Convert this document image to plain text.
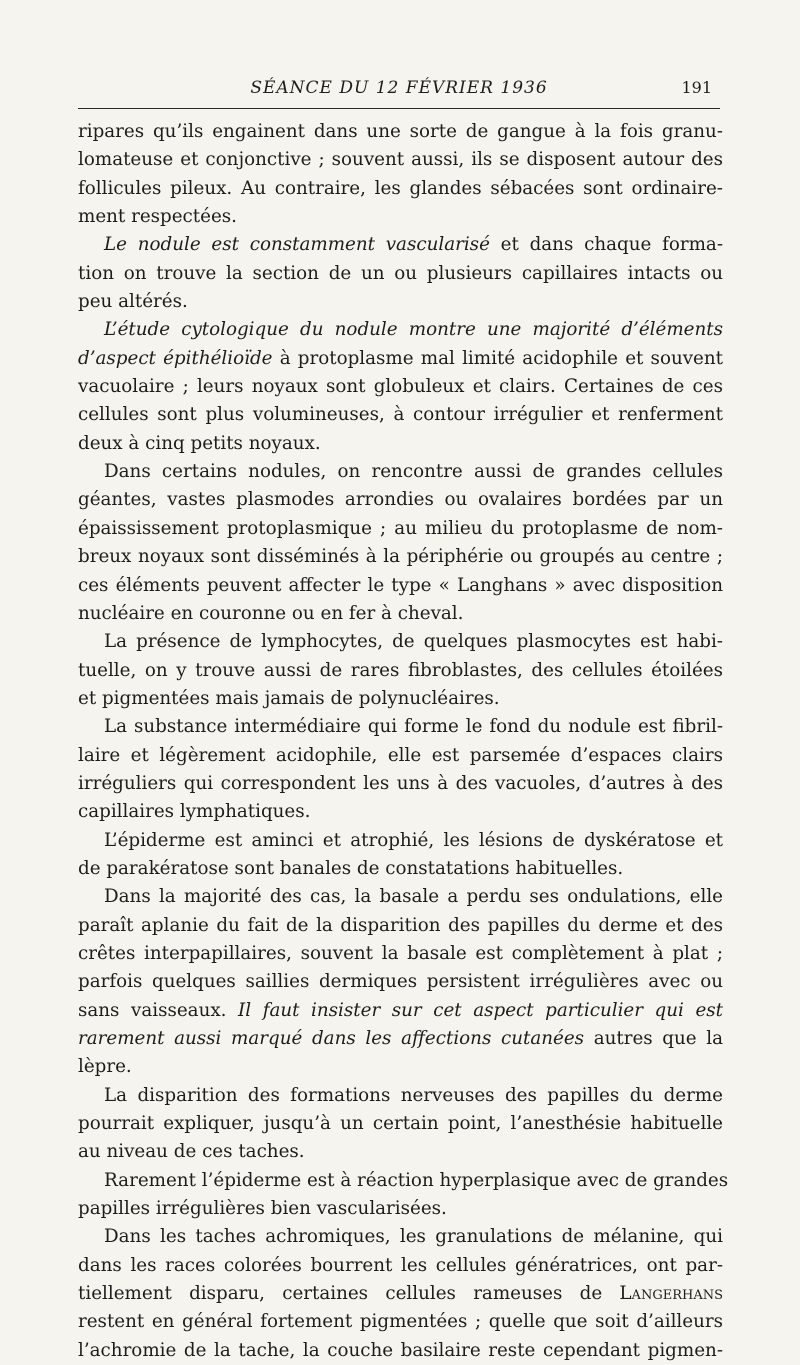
SÉANCE DU 12 FÉVRIER 1936	191
ripares qu’ils engainent dans une sorte de gangue à la fois granu-
lomateuse et conjonctive ; souvent aussi, ils se disposent autour des
follicules pileux. Au contraire, les glandes sébacées sont ordinaire-
ment respectées.
Le nodule est constamment vascularisé et dans chaque forma-
tion on trouve la section de un ou plusieurs capillaires intacts ou
peu altérés.
L’étude cytologique du nodule montre une majorité d’éléments
d’aspect épithélioïde à protoplasme mal limité acidophile et souvent
vacuolaire ; leurs noyaux sont globuleux et clairs. Certaines de ces
cellules sont plus volumineuses, à contour irrégulier et renferment
deux à cinq petits noyaux.
Dans certains nodules, on rencontre aussi de grandes cellules
géantes, vastes plasmodes arrondies ou ovalaires bordées par un
épaississement protoplasmique ; au milieu du protoplasme de nom-
breux noyaux sont disséminés à la périphérie ou groupés au centre ;
ces éléments peuvent affecter le type « Langhans » avec disposition
nucléaire en couronne ou en fer à cheval.
La présence de lymphocytes, de quelques plasmocytes est habi-
tuelle, on y trouve aussi de rares fibroblastes, des cellules étoilées
et pigmentées mais jamais de polynucléaires.
La substance intermédiaire qui forme le fond du nodule est fibril-
laire et légèrement acidophile, elle est parsemée d’espaces clairs
irréguliers qui correspondent les uns à des vacuoles, d’autres à des
capillaires lymphatiques.
L’épiderme est aminci et atrophié, les lésions de dyskératose et
de parakératose sont banales de constatations habituelles.
Dans la majorité des cas, la basale a perdu ses ondulations, elle
paraît aplanie du fait de la disparition des papilles du derme et des
crêtes interpapillaires, souvent la basale est complètement à plat ;
parfois quelques saillies dermiques persistent irrégulières avec ou
sans vaisseaux. Il faut insister sur cet aspect particulier qui est
rarement aussi marqué dans les affections cutanées autres que la
lèpre.
La disparition des formations nerveuses des papilles du derme
pourrait expliquer, jusqu’à un certain point, l’anesthésie habituelle
au niveau de ces taches.
Rarement l’épiderme est à réaction hyperplasique avec de grandes
papilles irrégulières bien vascularisées.
Dans les taches achromiques, les granulations de mélanine, qui
dans les races colorées bourrent les cellules génératrices, ont par-
tiellement disparu, certaines cellules rameuses de Langerhans
restent en général fortement pigmentées ; quelle que soit d’ailleurs
l’achromie de la tache, la couche basilaire reste cependant pigmen-
